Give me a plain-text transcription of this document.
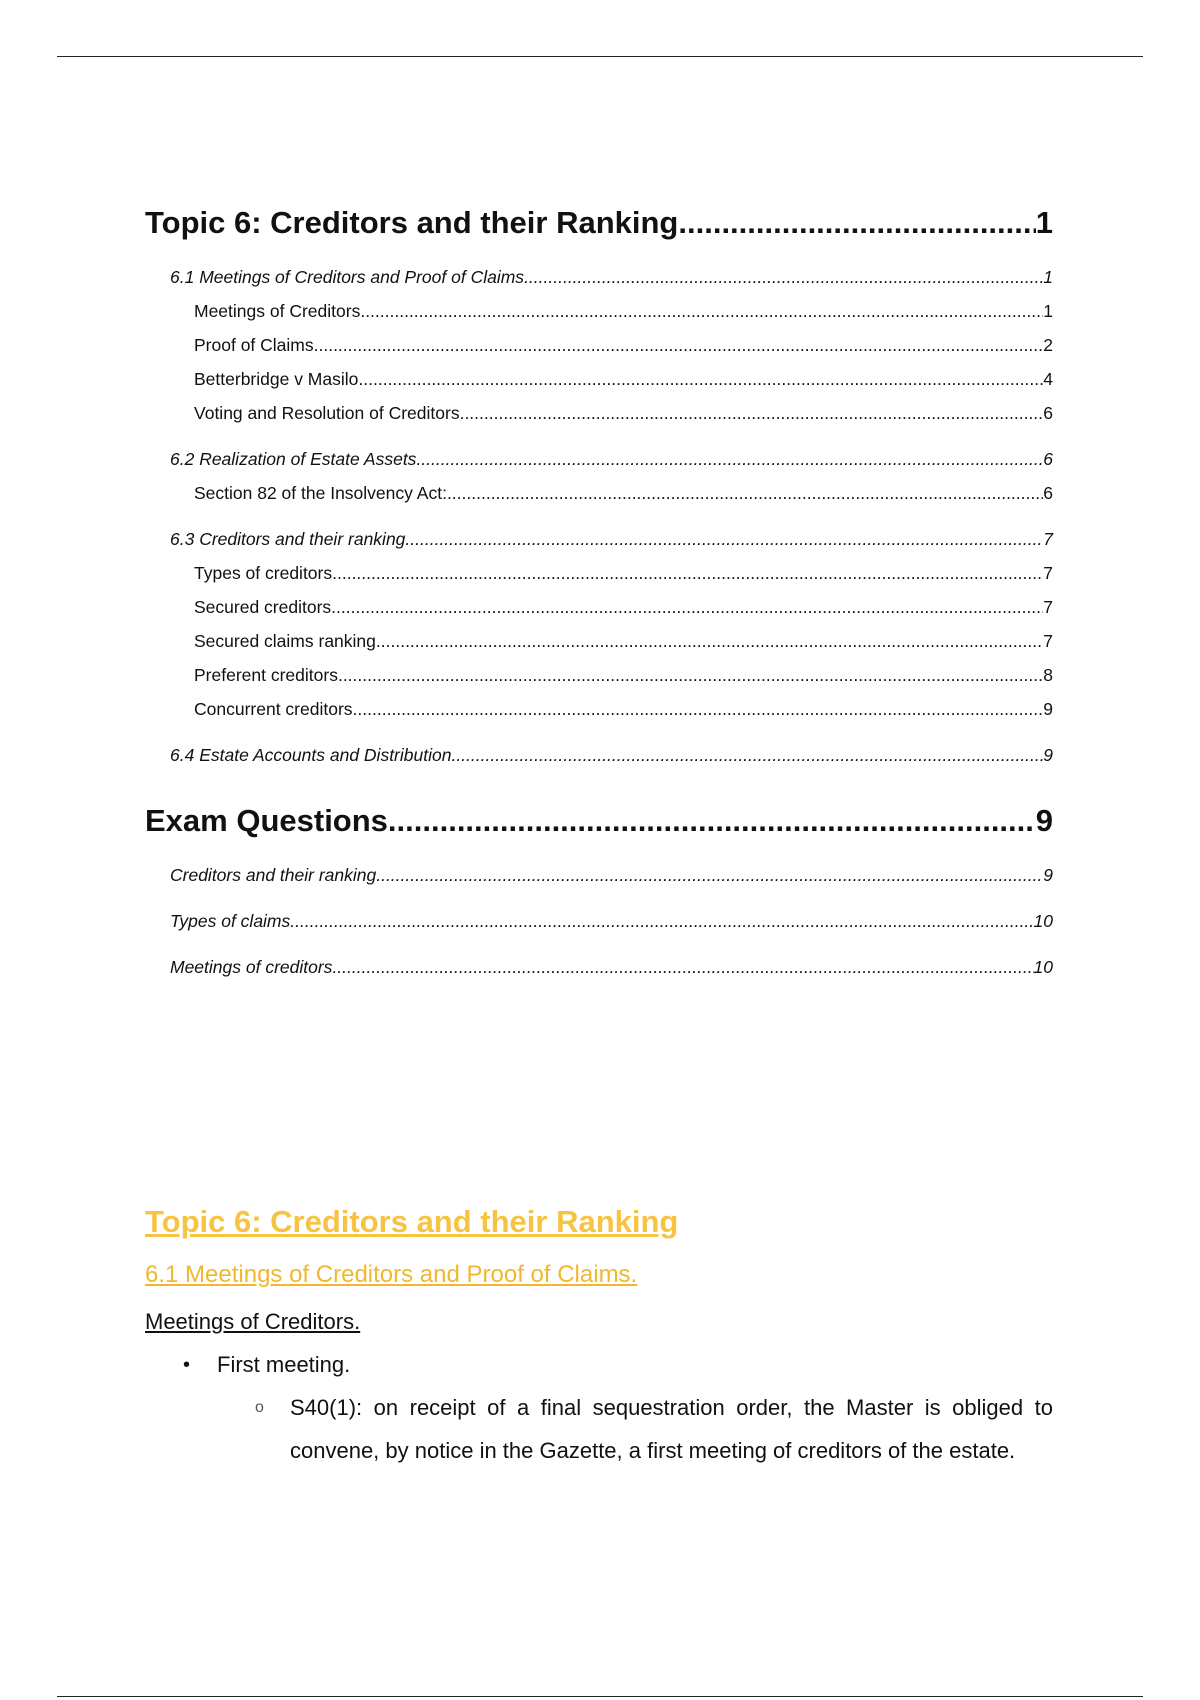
Topic 6: Creditors and their Ranking .....	1
6.1 Meetings of Creditors and Proof of Claims .....	1
Meetings of Creditors .....	1
Proof of Claims .....	2
Betterbridge v Masilo .....	4
Voting and Resolution of Creditors .....	6
6.2 Realization of Estate Assets .....	6
Section 82 of the Insolvency Act: .....	6
6.3 Creditors and their ranking .....	7
Types of creditors .....	7
Secured creditors .....	7
Secured claims ranking .....	7
Preferent creditors .....	8
Concurrent creditors .....	9
6.4 Estate Accounts and Distribution .....	9
Exam Questions .....	9
Creditors and their ranking .....	9
Types of claims .....	10
Meetings of creditors .....	10
Topic 6: Creditors and their Ranking
6.1 Meetings of Creditors and Proof of Claims.
Meetings of Creditors.
• First meeting.
o S40(1): on receipt of a final sequestration order, the Master is obliged to convene, by notice in the Gazette, a first meeting of creditors of the estate.
